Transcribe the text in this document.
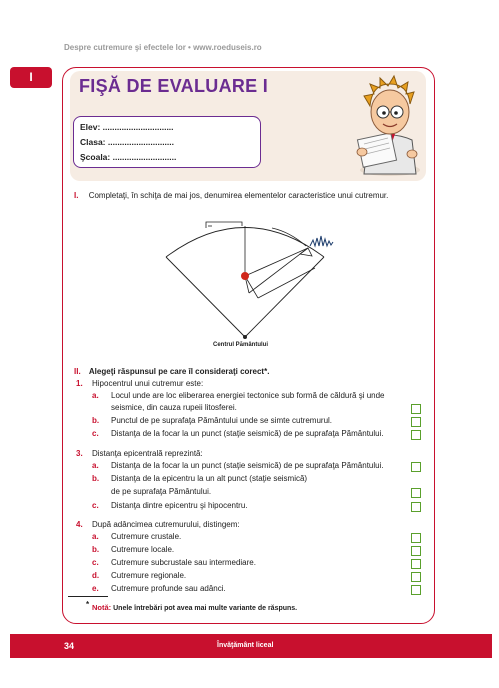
Despre cutremure şi efectele lor • www.roeduseis.ro
I	FIŞĂ DE EVALUARE I
Elev: ..............................
Clasa: ............................
Şcoala: ...........................
I. Completaţi, în schiţa de mai jos, denumirea elementelor caracteristice unui cutremur.
Centrul Pământului
II. Alegeţi răspunsul pe care îl consideraţi corect*.
1. Hipocentrul unui cutremur este:
a. Locul unde are loc eliberarea energiei tectonice sub formă de căldură şi unde
seismice, din cauza rupeii litosferei.
b. Punctul de pe suprafaţa Pământului unde se simte cutremurul.
c. Distanţa de la focar la un punct (staţie seismică) de pe suprafaţa Pământului.
3. Distanţa epicentrală reprezintă:
a. Distanţa de la focar la un punct (staţie seismică) de pe suprafaţa Pământului.
b. Distanţa de la epicentru la un alt punct (staţie seismică)
de pe suprafaţa Pământului.
c. Distanţa dintre epicentru şi hipocentru.
4. După adâncimea cutremurului, distingem:
a. Cutremure crustale.
b. Cutremure locale.
c. Cutremure subcrustale sau intermediare.
d. Cutremure regionale.
e. Cutremure profunde sau adânci.
* Notă: Unele întrebări pot avea mai multe variante de răspuns.
34	Învăţământ liceal
